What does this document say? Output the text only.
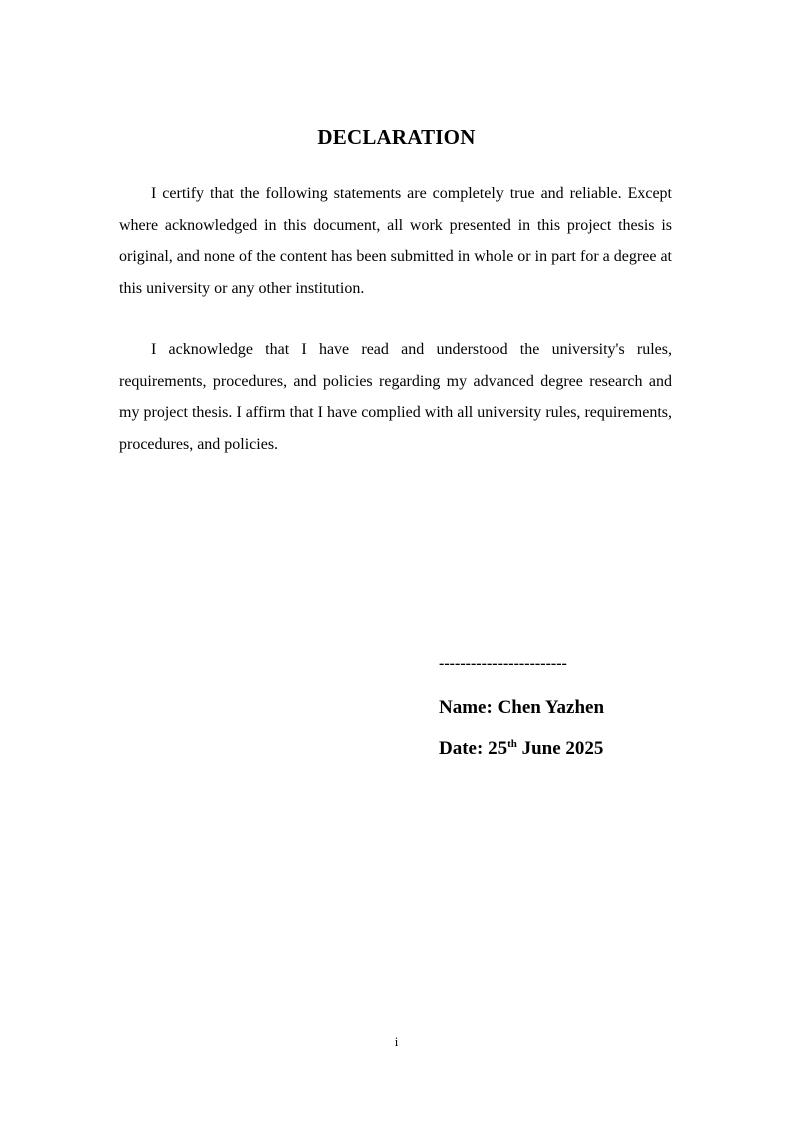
DECLARATION

I certify that the following statements are completely true and reliable. Except where acknowledged in this document, all work presented in this project thesis is original, and none of the content has been submitted in whole or in part for a degree at this university or any other institution.

I acknowledge that I have read and understood the university's rules, requirements, procedures, and policies regarding my advanced degree research and my project thesis. I affirm that I have complied with all university rules, requirements, procedures, and policies.

------------------------
Name: Chen Yazhen
Date: 25th June 2025
i
